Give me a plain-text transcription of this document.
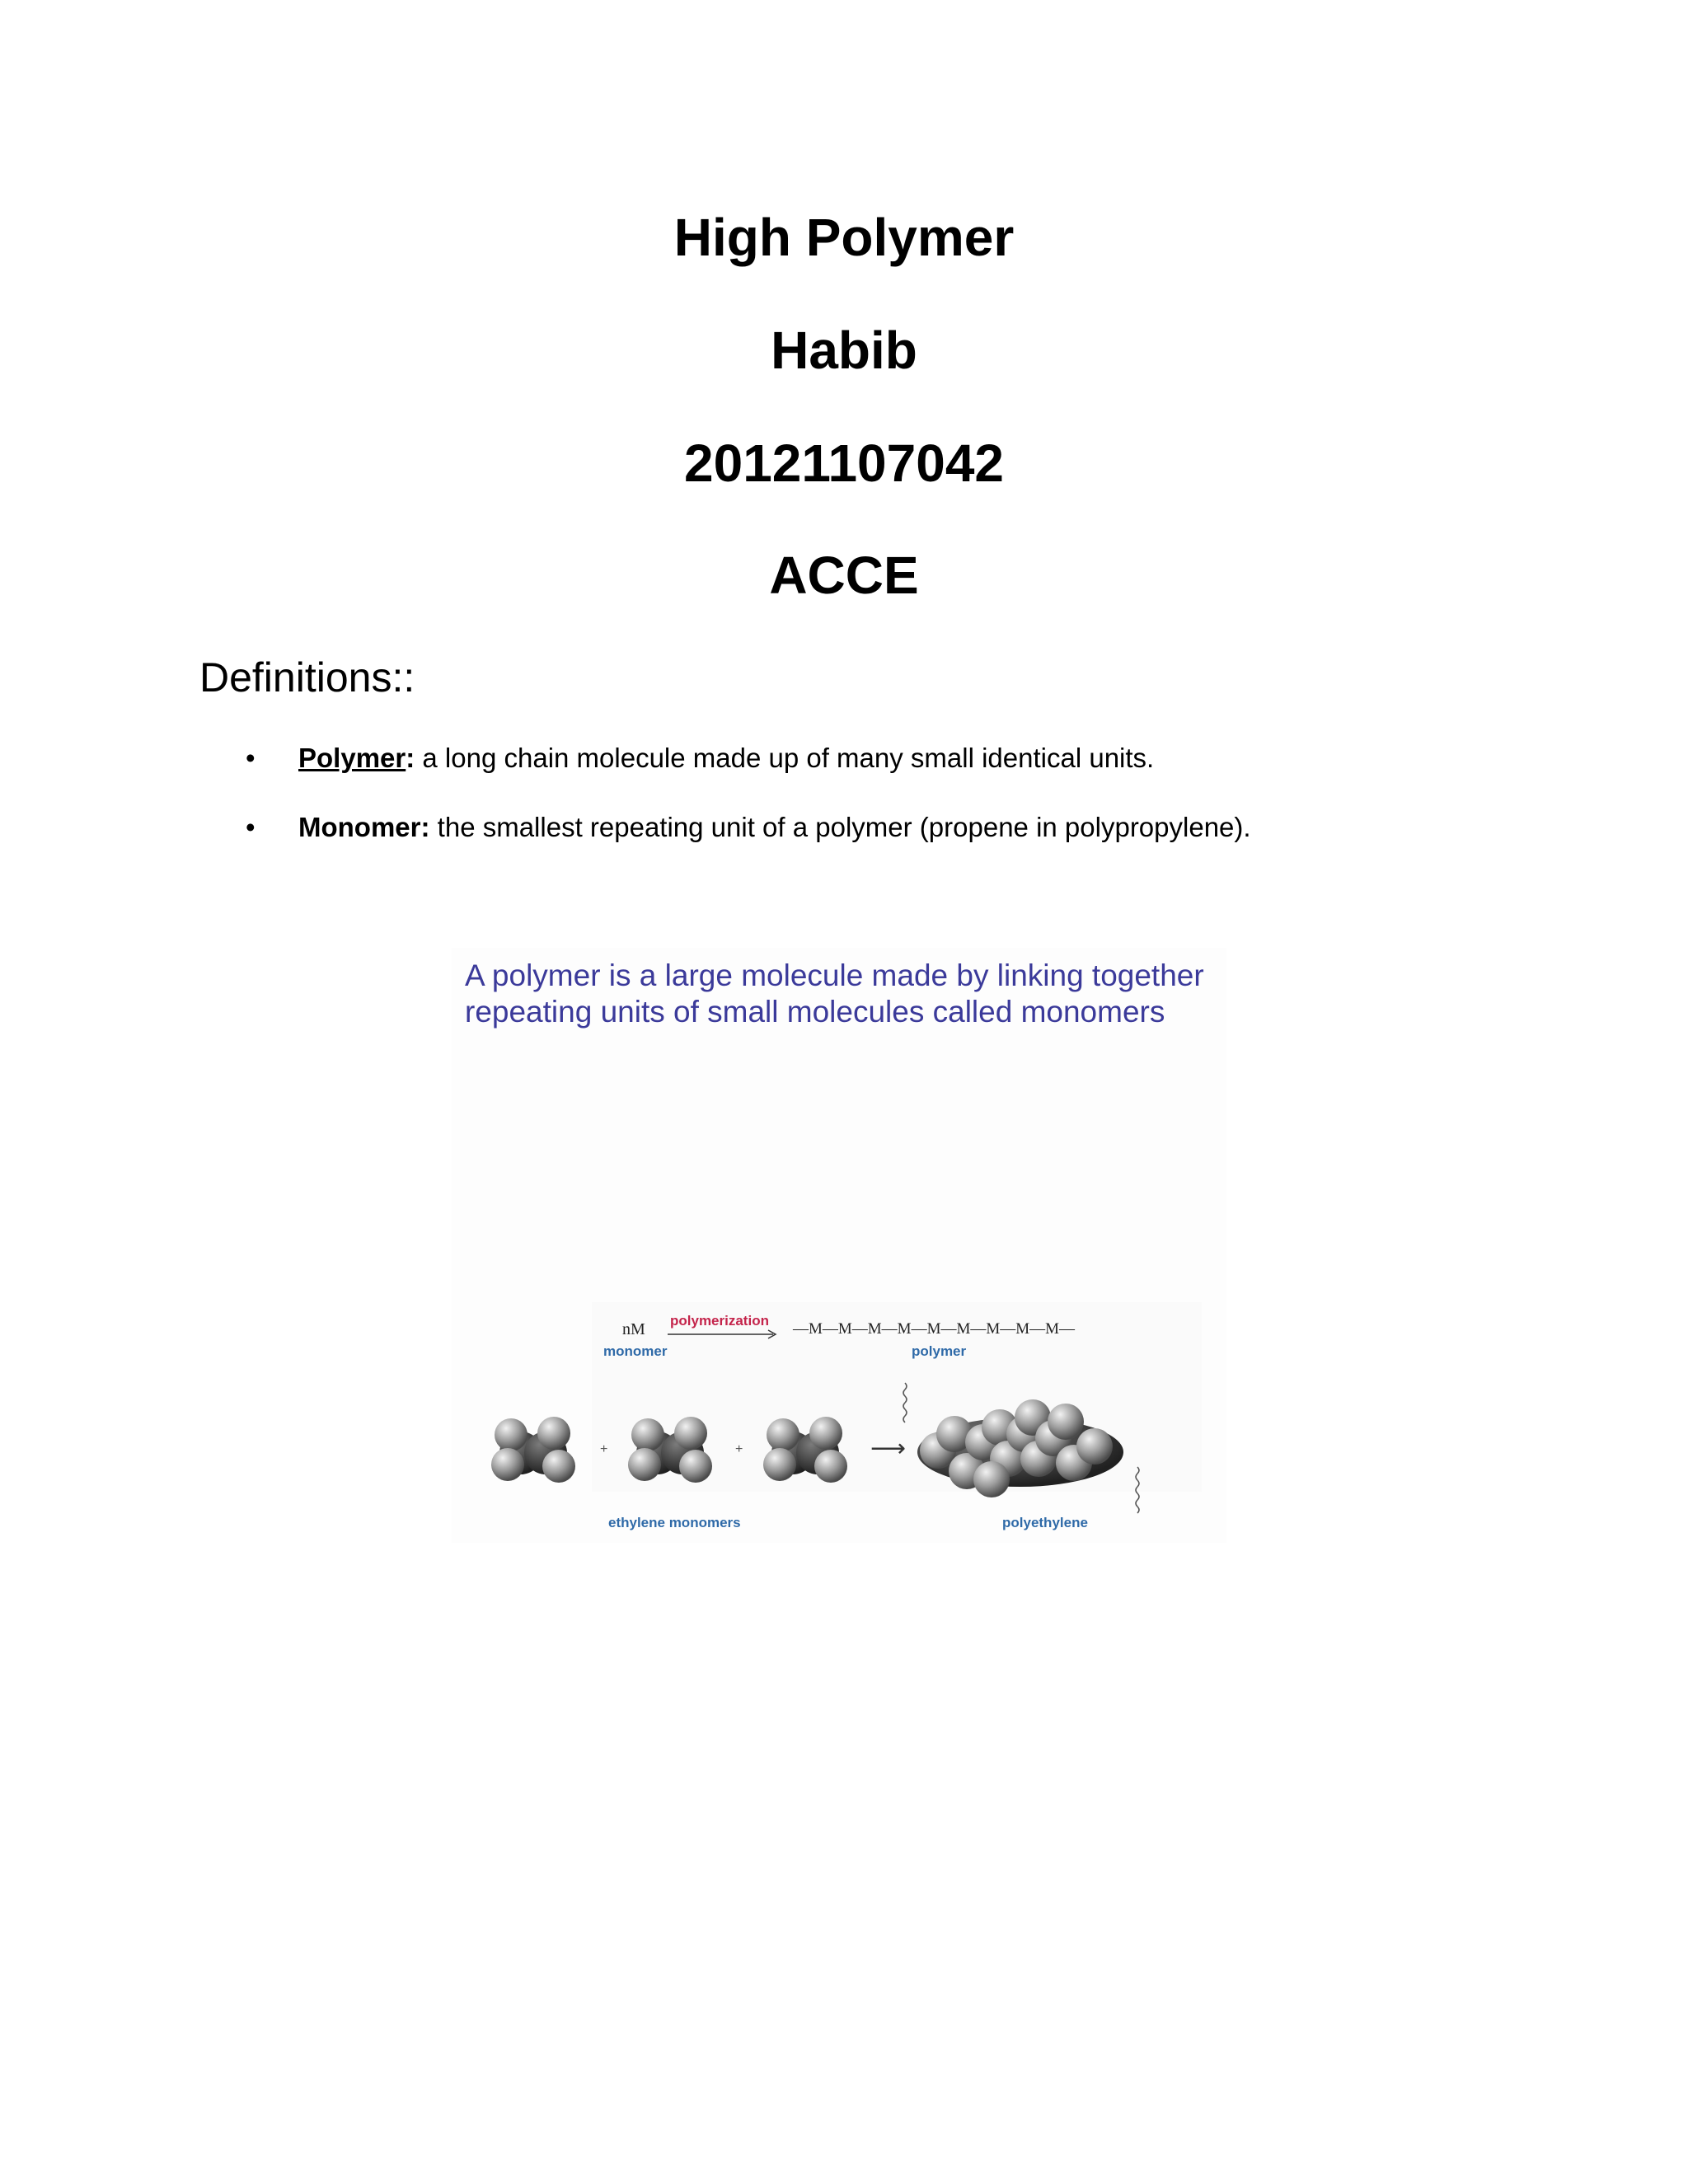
High Polymer
Habib
20121107042
ACCE
Definitions::
• Polymer: a long chain molecule made up of many small identical units.
• Monomer: the smallest repeating unit of a polymer (propene in polypropylene).
A polymer is a large molecule made by linking together
repeating units of small molecules called monomers
nM
monomer
polymerization —M—M—M—M—M—M—M—M—M—
polymer
+	+	⟶
ethylene monomers	polyethylene
